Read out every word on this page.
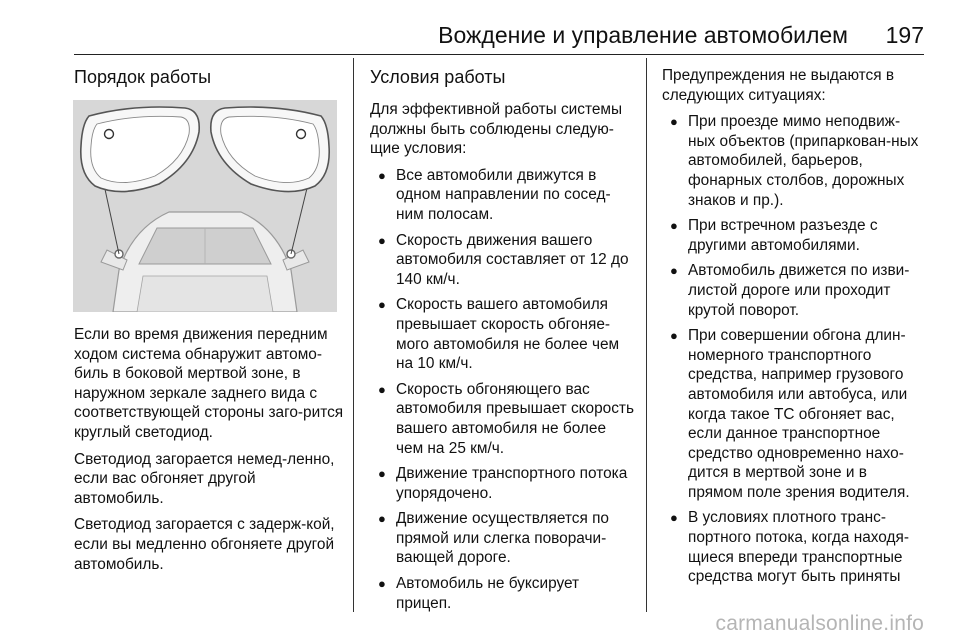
Вождение и управление автомобилем 197
Порядок работы

Если во время движения передним ходом система обнаружит автомо-биль в боковой мертвой зоне, в наружном зеркале заднего вида с соответствующей стороны заго-рится круглый светодиод.

Светодиод загорается немед-ленно, если вас обгоняет другой автомобиль.

Светодиод загорается с задерж-кой, если вы медленно обгоняете другой автомобиль.

Условия работы

Для эффективной работы системы должны быть соблюдены следую-щие условия:

● Все автомобили движутся в одном направлении по сосед-ним полосам.
● Скорость движения вашего автомобиля составляет от 12 до 140 км/ч.
● Скорость вашего автомобиля превышает скорость обгоняе-мого автомобиля не более чем на 10 км/ч.
● Скорость обгоняющего вас автомобиля превышает скорость вашего автомобиля не более чем на 25 км/ч.
● Движение транспортного потока упорядочено.
● Движение осуществляется по прямой или слегка поворачи-вающей дороге.
● Автомобиль не буксирует прицеп.

Предупреждения не выдаются в следующих ситуациях:

● При проезде мимо неподвиж-ных объектов (припаркован-ных автомобилей, барьеров, фонарных столбов, дорожных знаков и пр.).
● При встречном разъезде с другими автомобилями.
● Автомобиль движется по изви-листой дороге или проходит крутой поворот.
● При совершении обгона длин-номерного транспортного средства, например грузового автомобиля или автобуса, или когда такое ТС обгоняет вас, если данное транспортное средство одновременно нахо-дится в мертвой зоне и в прямом поле зрения водителя.
● В условиях плотного транс-портного потока, когда находя-щиеся впереди транспортные средства могут быть приняты
carmanualsonline.info
